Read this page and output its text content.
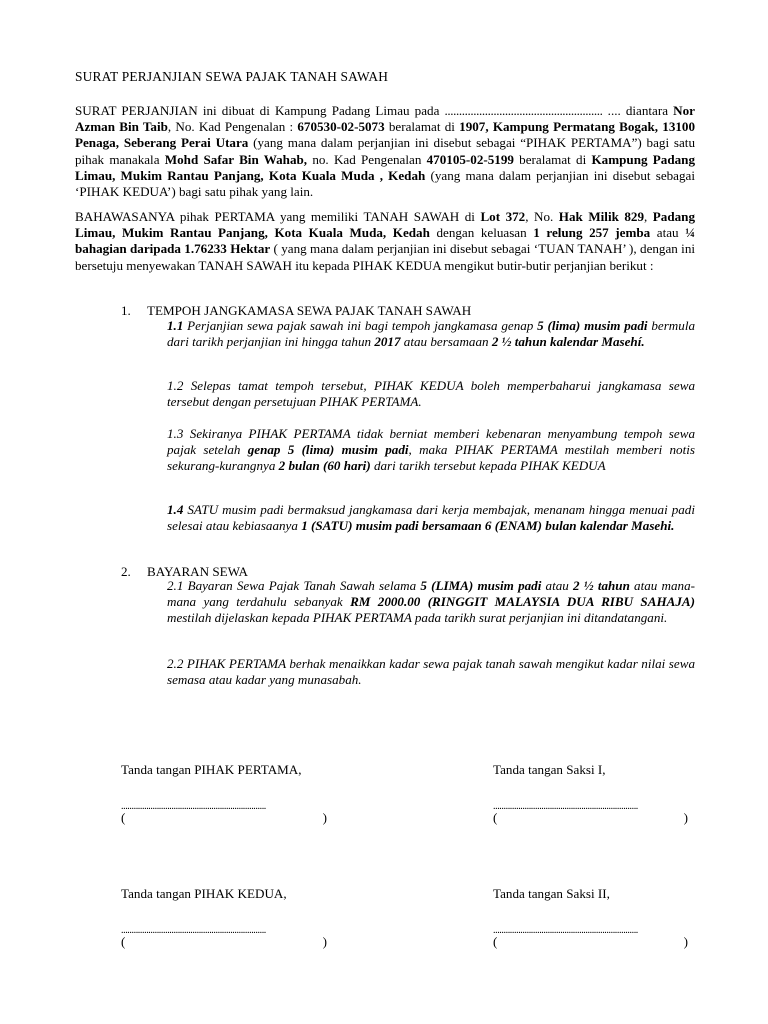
SURAT PERJANJIAN SEWA PAJAK TANAH SAWAH
SURAT PERJANJIAN ini dibuat di Kampung Padang Limau pada ....................................................... .... diantara Nor Azman Bin Taib, No. Kad Pengenalan : 670530-02-5073 beralamat di 1907, Kampung Permatang Bogak, 13100 Penaga, Seberang Perai Utara (yang mana dalam perjanjian ini disebut sebagai “PIHAK PERTAMA”) bagi satu pihak manakala Mohd Safar Bin Wahab, no. Kad Pengenalan 470105-02-5199 beralamat di Kampung Padang Limau, Mukim Rantau Panjang, Kota Kuala Muda , Kedah (yang mana dalam perjanjian ini disebut sebagai ‘PIHAK KEDUA’) bagi satu pihak yang lain.
BAHAWASANYA pihak PERTAMA yang memiliki TANAH SAWAH di Lot 372, No. Hak Milik 829, Padang Limau, Mukim Rantau Panjang, Kota Kuala Muda, Kedah dengan keluasan 1 relung 257 jemba atau ¼ bahagian daripada 1.76233 Hektar ( yang mana dalam perjanjian ini disebut sebagai ‘TUAN TANAH’ ), dengan ini bersetuju menyewakan TANAH SAWAH itu kepada PIHAK KEDUA mengikut butir-butir perjanjian berikut :
1. TEMPOH JANGKAMASA SEWA PAJAK TANAH SAWAH
1.1 Perjanjian sewa pajak sawah ini bagi tempoh jangkamasa genap 5 (lima) musim padi bermula dari tarikh perjanjian ini hingga tahun 2017 atau bersamaan 2 ½ tahun kalendar Masehí.
1.2 Selepas tamat tempoh tersebut, PIHAK KEDUA boleh memperbaharui jangkamasa sewa tersebut dengan persetujuan PIHAK PERTAMA.
1.3 Sekiranya PIHAK PERTAMA tidak berniat memberi kebenaran menyambung tempoh sewa pajak setelah genap 5 (lima) musim padi, maka PIHAK PERTAMA mestilah memberi notis sekurang-kurangnya 2 bulan (60 hari) dari tarikh tersebut kepada PIHAK KEDUA
1.4 SATU musim padi bermaksud jangkamasa dari kerja membajak, menanam hingga menuai padi selesai atau kebiasaanya 1 (SATU) musim padi bersamaan 6 (ENAM) bulan kalendar Masehi.
2. BAYARAN SEWA
2.1 Bayaran Sewa Pajak Tanah Sawah selama 5 (LIMA) musim padi atau 2 ½ tahun atau mana-mana yang terdahulu sebanyak RM 2000.00 (RINGGIT MALAYSIA DUA RIBU SAHAJA) mestilah dijelaskan kepada PIHAK PERTAMA pada tarikh surat perjanjian ini ditandatangani.
2.2 PIHAK PERTAMA berhak menaikkan kadar sewa pajak tanah sawah mengikut kadar nilai sewa semasa atau kadar yang munasabah.
Tanda tangan PIHAK PERTAMA,
.....................................................................
(	)
Tanda tangan Saksi I,
.....................................................................
(	)
Tanda tangan PIHAK KEDUA,
.....................................................................
(	)
Tanda tangan Saksi II,
.....................................................................
(	)
